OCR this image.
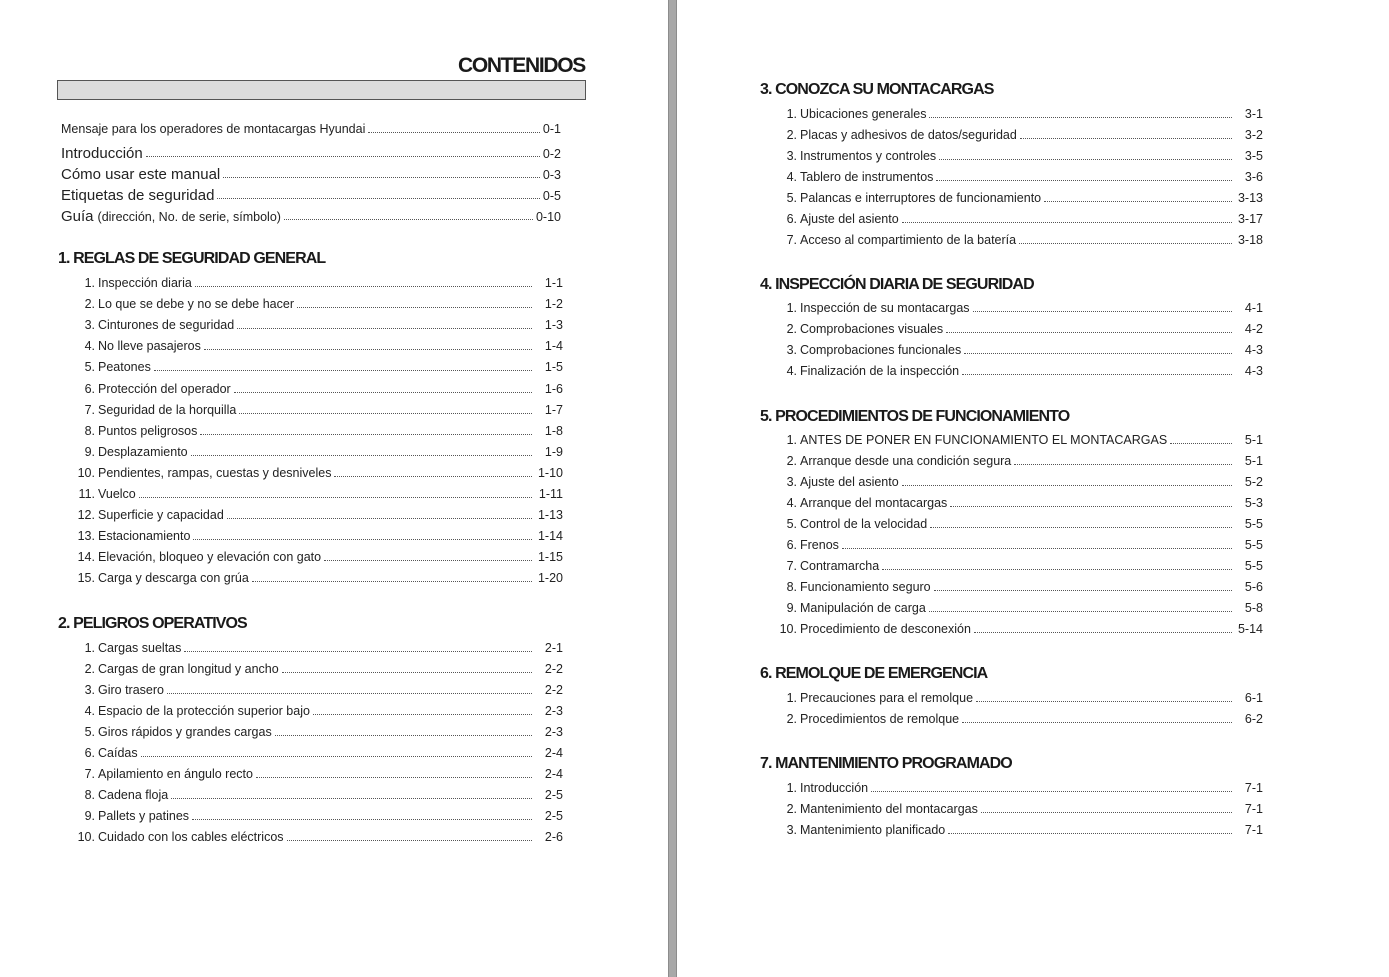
CONTENIDOS
Mensaje para los operadores de montacargas Hyundai	0-1
Introducción	0-2
Cómo usar este manual	0-3
Etiquetas de seguridad	0-5
Guía (dirección, No. de serie, símbolo)	0-10
1. REGLAS DE SEGURIDAD GENERAL
1. Inspección diaria	1-1
2. Lo que se debe y no se debe hacer	1-2
3. Cinturones de seguridad	1-3
4. No lleve pasajeros	1-4
5. Peatones	1-5
6. Protección del operador	1-6
7. Seguridad de la horquilla	1-7
8. Puntos peligrosos	1-8
9. Desplazamiento	1-9
10. Pendientes, rampas, cuestas y desniveles	1-10
11. Vuelco	1-11
12. Superficie y capacidad	1-13
13. Estacionamiento	1-14
14. Elevación, bloqueo y elevación con gato	1-15
15. Carga y descarga con grúa	1-20
2. PELIGROS OPERATIVOS
1. Cargas sueltas	2-1
2. Cargas de gran longitud y ancho	2-2
3. Giro trasero	2-2
4. Espacio de la protección superior bajo	2-3
5. Giros rápidos y grandes cargas	2-3
6. Caídas	2-4
7. Apilamiento en ángulo recto	2-4
8. Cadena floja	2-5
9. Pallets y patines	2-5
10. Cuidado con los cables eléctricos	2-6
3. CONOZCA SU MONTACARGAS
1. Ubicaciones generales	3-1
2. Placas y adhesivos de datos/seguridad	3-2
3. Instrumentos y controles	3-5
4. Tablero de instrumentos	3-6
5. Palancas e interruptores de funcionamiento	3-13
6. Ajuste del asiento	3-17
7. Acceso al compartimiento de la batería	3-18
4. INSPECCIÓN DIARIA DE SEGURIDAD
1. Inspección de su montacargas	4-1
2. Comprobaciones visuales	4-2
3. Comprobaciones funcionales	4-3
4. Finalización de la inspección	4-3
5. PROCEDIMIENTOS DE FUNCIONAMIENTO
1. ANTES DE PONER EN FUNCIONAMIENTO EL MONTACARGAS	5-1
2. Arranque desde una condición segura	5-1
3. Ajuste del asiento	5-2
4. Arranque del montacargas	5-3
5. Control de la velocidad	5-5
6. Frenos	5-5
7. Contramarcha	5-5
8. Funcionamiento seguro	5-6
9. Manipulación de carga	5-8
10. Procedimiento de desconexión	5-14
6. REMOLQUE DE EMERGENCIA
1. Precauciones para el remolque	6-1
2. Procedimientos de remolque	6-2
7. MANTENIMIENTO PROGRAMADO
1. Introducción	7-1
2. Mantenimiento del montacargas	7-1
3. Mantenimiento planificado	7-1
